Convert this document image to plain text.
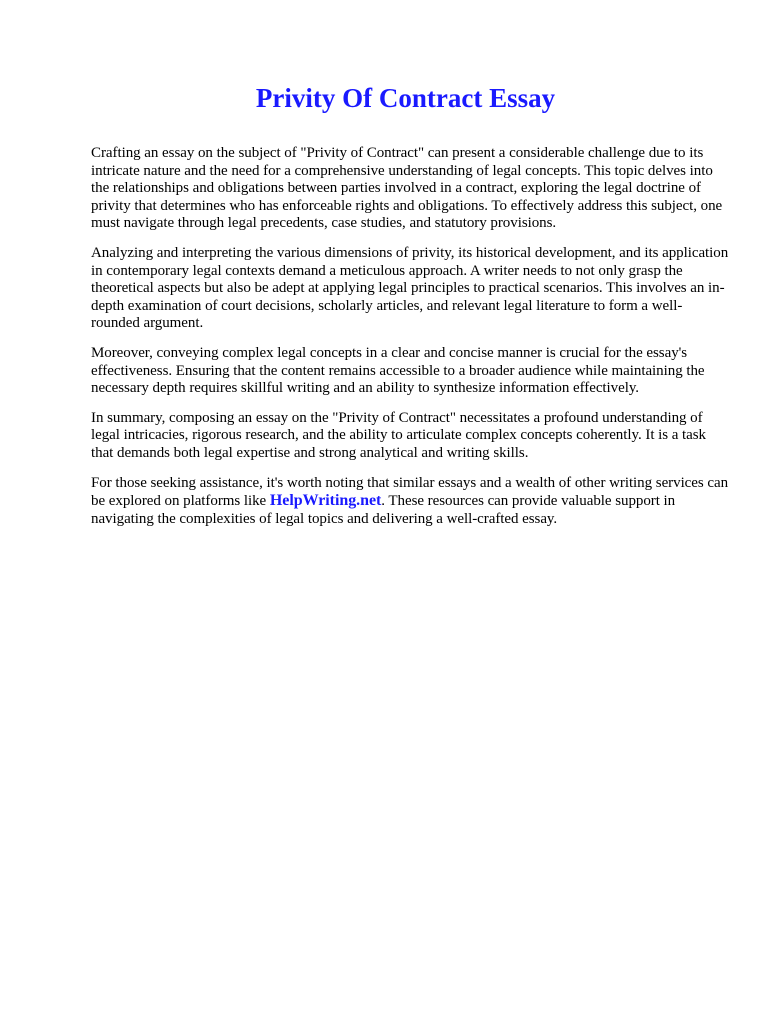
Privity Of Contract Essay

Crafting an essay on the subject of "Privity of Contract" can present a considerable challenge due to its intricate nature and the need for a comprehensive understanding of legal concepts. This topic delves into the relationships and obligations between parties involved in a contract, exploring the legal doctrine of privity that determines who has enforceable rights and obligations. To effectively address this subject, one must navigate through legal precedents, case studies, and statutory provisions.

Analyzing and interpreting the various dimensions of privity, its historical development, and its application in contemporary legal contexts demand a meticulous approach. A writer needs to not only grasp the theoretical aspects but also be adept at applying legal principles to practical scenarios. This involves an in-depth examination of court decisions, scholarly articles, and relevant legal literature to form a well-rounded argument.

Moreover, conveying complex legal concepts in a clear and concise manner is crucial for the essay's effectiveness. Ensuring that the content remains accessible to a broader audience while maintaining the necessary depth requires skillful writing and an ability to synthesize information effectively.

In summary, composing an essay on the "Privity of Contract" necessitates a profound understanding of legal intricacies, rigorous research, and the ability to articulate complex concepts coherently. It is a task that demands both legal expertise and strong analytical and writing skills.

For those seeking assistance, it's worth noting that similar essays and a wealth of other writing services can be explored on platforms like HelpWriting.net. These resources can provide valuable support in navigating the complexities of legal topics and delivering a well-crafted essay.
